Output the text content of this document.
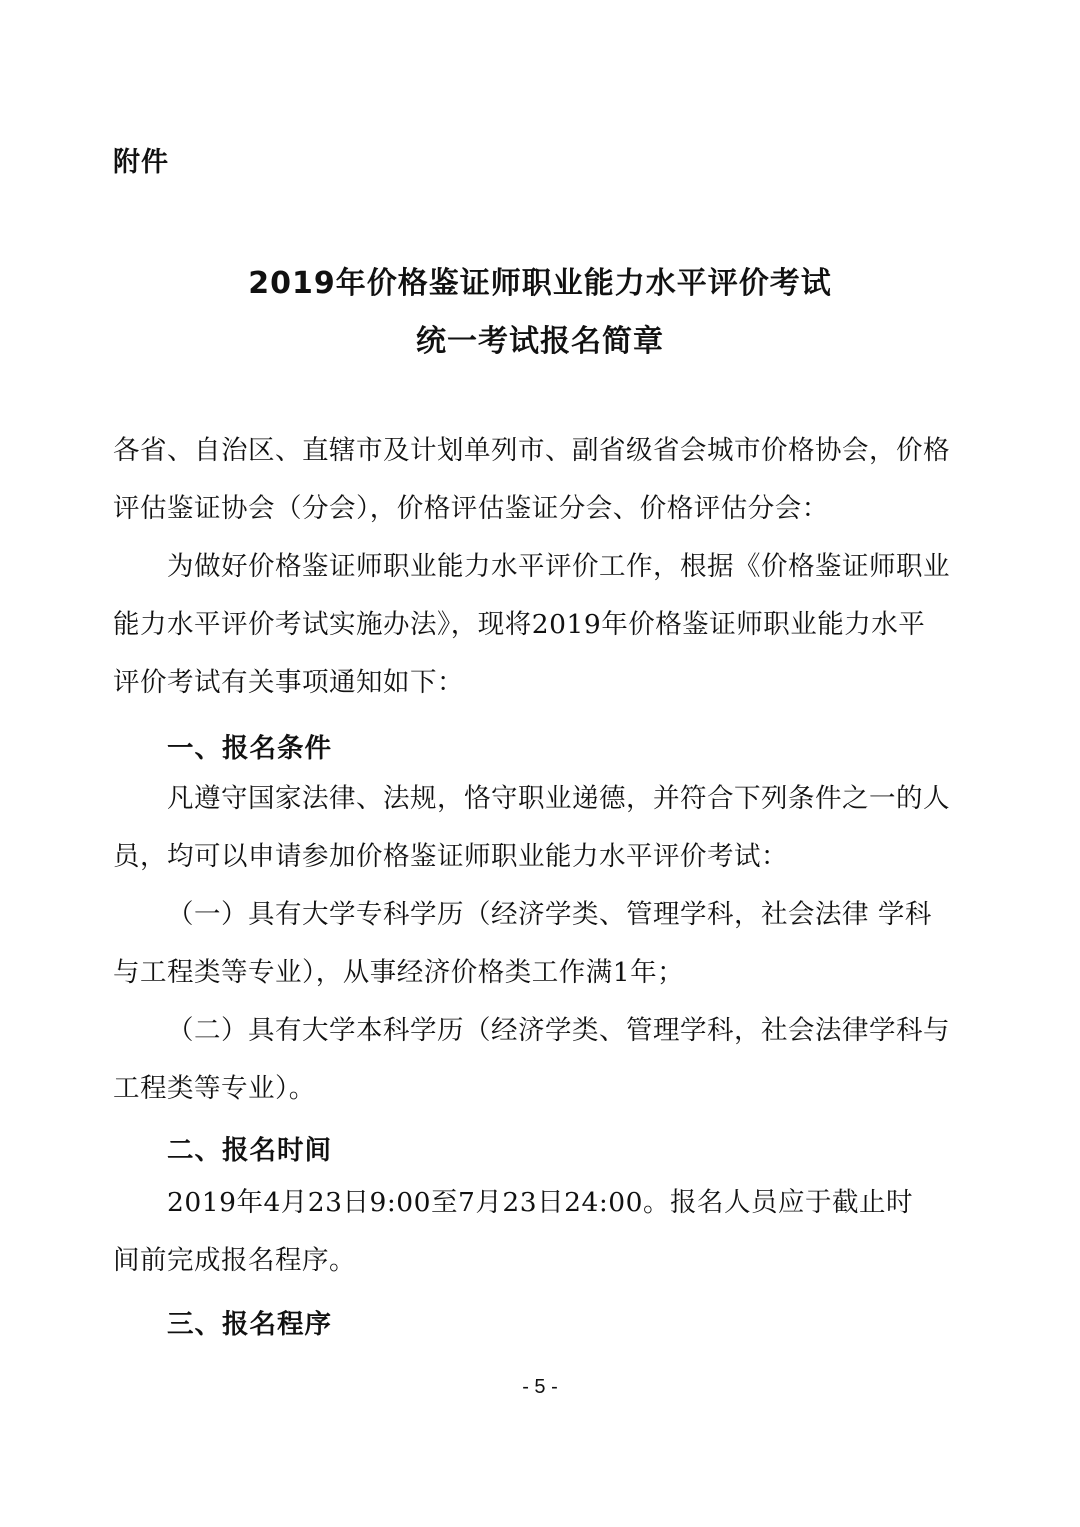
附件
2019年价格鉴证师职业能力水平评价考试
统一考试报名简章
各省、自治区、直辖市及计划单列市、副省级省会城市价格协会，价格
评估鉴证协会（分会），价格评估鉴证分会、价格评估分会：
为做好价格鉴证师职业能力水平评价工作，根据《价格鉴证师职业
能力水平评价考试实施办法》，现将2019年价格鉴证师职业能力水平
评价考试有关事项通知如下：
一、报名条件
凡遵守国家法律、法规，恪守职业递德，并符合下列条件之一的人
员，均可以申请参加价格鉴证师职业能力水平评价考试：
（一）具有大学专科学历（经济学类、管理学科，社会法律 学科
与工程类等专业），从事经济价格类工作满1年；
（二）具有大学本科学历（经济学类、管理学科，社会法律学科与
工程类等专业）。
二、报名时间
2019年4月23日9:00至7月23日24:00。报名人员应于截止时
间前完成报名程序。
三、报名程序
- 5 -
